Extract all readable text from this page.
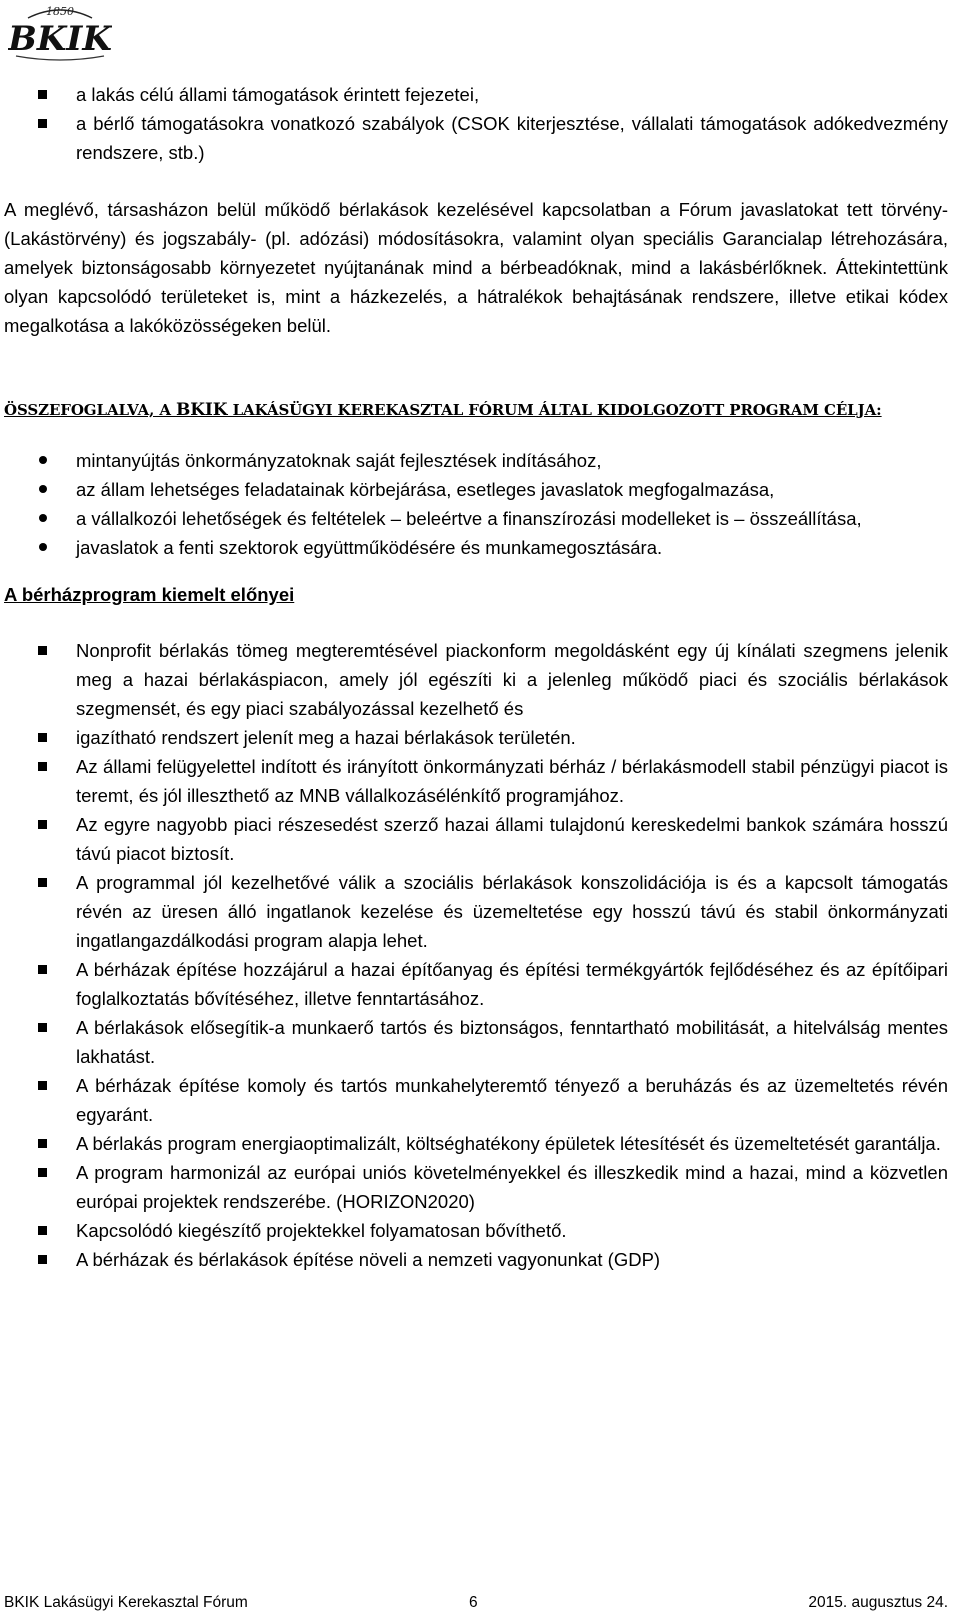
1850
BKIK
a lakás célú állami támogatások érintett fejezetei,
a bérlő támogatásokra vonatkozó szabályok (CSOK kiterjesztése, vállalati támogatások adókedvezmény rendszere, stb.)

A meglévő, társasházon belül működő bérlakások kezelésével kapcsolatban a Fórum javaslatokat tett törvény- (Lakástörvény) és jogszabály- (pl. adózási) módosításokra, valamint olyan speciális Garancialap létrehozására, amelyek biztonságosabb környezetet nyújtanának mind a bérbeadóknak, mind a lakásbérlőknek. Áttekintettünk olyan kapcsolódó területeket is, mint a házkezelés, a hátralékok behajtásának rendszere, illetve etikai kódex megalkotása a lakóközösségeken belül.

ÖSSZEFOGLALVA, A BKIK LAKÁSÜGYI KEREKASZTAL FÓRUM ÁLTAL KIDOLGOZOTT PROGRAM CÉLJA:

mintanyújtás önkormányzatoknak saját fejlesztések indításához,
az állam lehetséges feladatainak körbejárása, esetleges javaslatok megfogalmazása,
a vállalkozói lehetőségek és feltételek – beleértve a finanszírozási modelleket is – összeállítása,
javaslatok a fenti szektorok együttműködésére és munkamegosztására.

A bérházprogram kiemelt előnyei

Nonprofit bérlakás tömeg megteremtésével piackonform megoldásként egy új kínálati szegmens jelenik meg a hazai bérlakáspiacon, amely jól egészíti ki a jelenleg működő piaci és szociális bérlakások szegmensét, és egy piaci szabályozással kezelhető és
igazítható rendszert jelenít meg a hazai bérlakások területén.
Az állami felügyelettel indított és irányított önkormányzati bérház / bérlakásmodell stabil pénzügyi piacot is teremt, és jól illeszthető az MNB vállalkozásélénkítő programjához.
Az egyre nagyobb piaci részesedést szerző hazai állami tulajdonú kereskedelmi bankok számára hosszú távú piacot biztosít.
A programmal jól kezelhetővé válik a szociális bérlakások konszolidációja is és a kapcsolt támogatás révén az üresen álló ingatlanok kezelése és üzemeltetése egy hosszú távú és stabil önkormányzati ingatlangazdálkodási program alapja lehet.
A bérházak építése hozzájárul a hazai építőanyag és építési termékgyártók fejlődéséhez és az építőipari foglalkoztatás bővítéséhez, illetve fenntartásához.
A bérlakások elősegítik-a munkaerő tartós és biztonságos, fenntartható mobilitását, a hitelválság mentes lakhatást.
A bérházak építése komoly és tartós munkahelyteremtő tényező a beruházás és az üzemeltetés révén egyaránt.
A bérlakás program energiaoptimalizált, költséghatékony épületek létesítését és üzemeltetését garantálja.
A program harmonizál az európai uniós követelményekkel és illeszkedik mind a hazai, mind a közvetlen európai projektek rendszerébe. (HORIZON2020)
Kapcsolódó kiegészítő projektekkel folyamatosan bővíthető.
A bérházak és bérlakások építése növeli a nemzeti vagyonunkat (GDP)
BKIK Lakásügyi Kerekasztal Fórum	6	2015. augusztus 24.
